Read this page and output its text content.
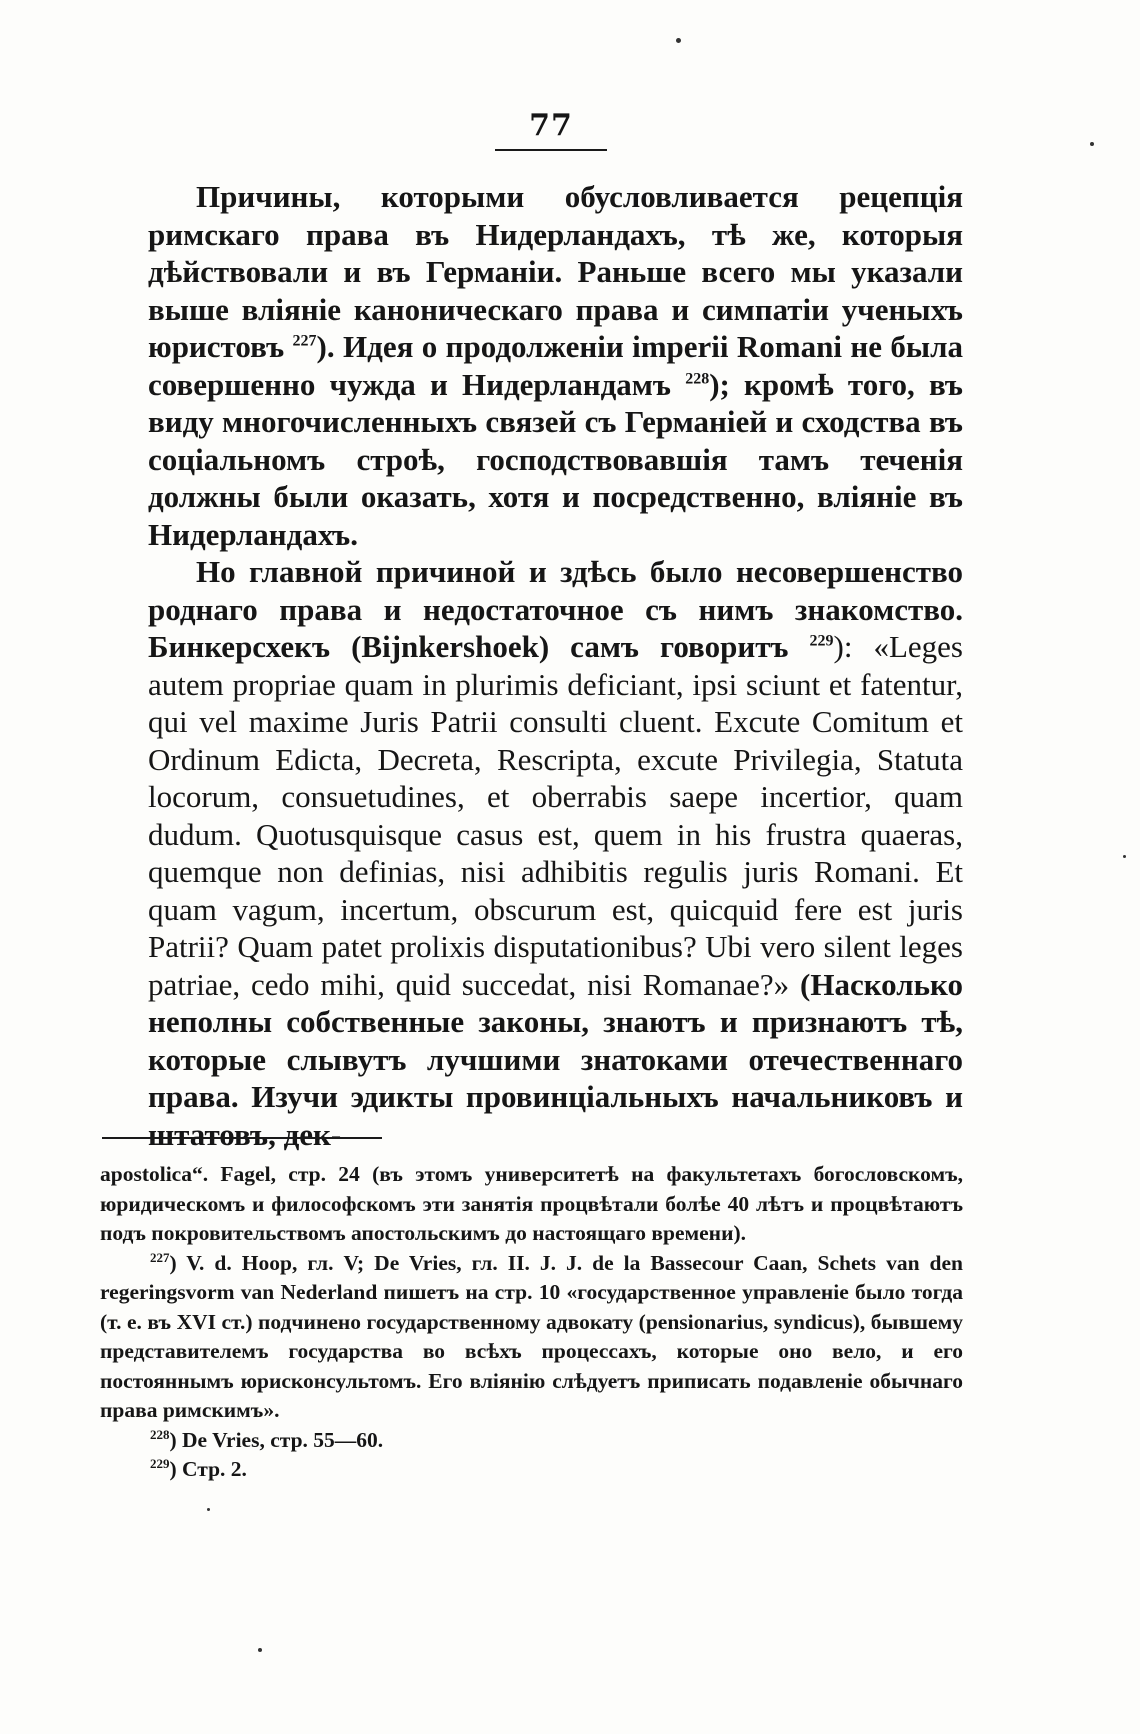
77

Причины, которыми обусловливается рецепція римскаго права въ Нидерландахъ, тѣ же, которыя дѣйствовали и въ Германіи. Раньше всего мы указали выше вліяніе каноническаго права и симпатіи ученыхъ юристовъ $^{227}$). Идея о продолженіи imperii Romani не была совершенно чужда и Нидерландамъ $^{228}$); кромѣ того, въ виду многочисленныхъ связей съ Германіей и сходства въ соціальномъ строѣ, господствовавшія тамъ теченія должны были оказать, хотя и посредственно, вліяніе въ Нидерландахъ.

Но главной причиной и здѣсь было несовершенство роднаго права и недостаточное съ нимъ знакомство. Бинкерсхекъ (Bijnkershoek) самъ говоритъ $^{229}$): «Leges autem propriae quam in plurimis deficiant, ipsi sciunt et fatentur, qui vel maxime Juris Patrii consulti cluent. Excute Comitum et Ordinum Edicta, Decreta, Rescripta, excute Privilegia, Statuta locorum, consuetudines, et oberrabis saepe incertior, quam dudum. Quotusquisque casus est, quem in his frustra quaeras, quemque non definias, nisi adhibitis regulis juris Romani. Et quam vagum, incertum, obscurum est, quicquid fere est juris Patrii? Quam patet prolixis disputationibus? Ubi vero silent leges patriae, cedo mihi, quid succedat, nisi Romanae?» (Насколько неполны собственные законы, знаютъ и признаютъ тѣ, которые слывутъ лучшими знатоками отечественнаго права. Изучи эдикты провинціальныхъ начальниковъ и штатовъ, дек-

apostolica“. Fagel, стр. 24 (въ этомъ университетѣ на факультетахъ богословскомъ, юридическомъ и философскомъ эти занятія процвѣтали болѣе 40 лѣтъ и процвѣтаютъ подъ покровительствомъ апостольскимъ до настоящаго времени).

$^{227}$) V. d. Hoop, гл. V; De Vries, гл. II. J. J. de la Bassecour Caan, Schets van den regeringsvorm van Nederland пишетъ на стр. 10 «государственное управленіе было тогда (т. е. въ XVI ст.) подчинено государственному адвокату (pensionarius, syndicus), бывшему представителемъ государства во всѣхъ процессахъ, которые оно вело, и его постояннымъ юрисконсультомъ. Его вліянію слѣдуетъ приписать подавленіе обычнаго права римскимъ».

$^{228}$) De Vries, стр. 55—60.

$^{229}$) Стр. 2.
